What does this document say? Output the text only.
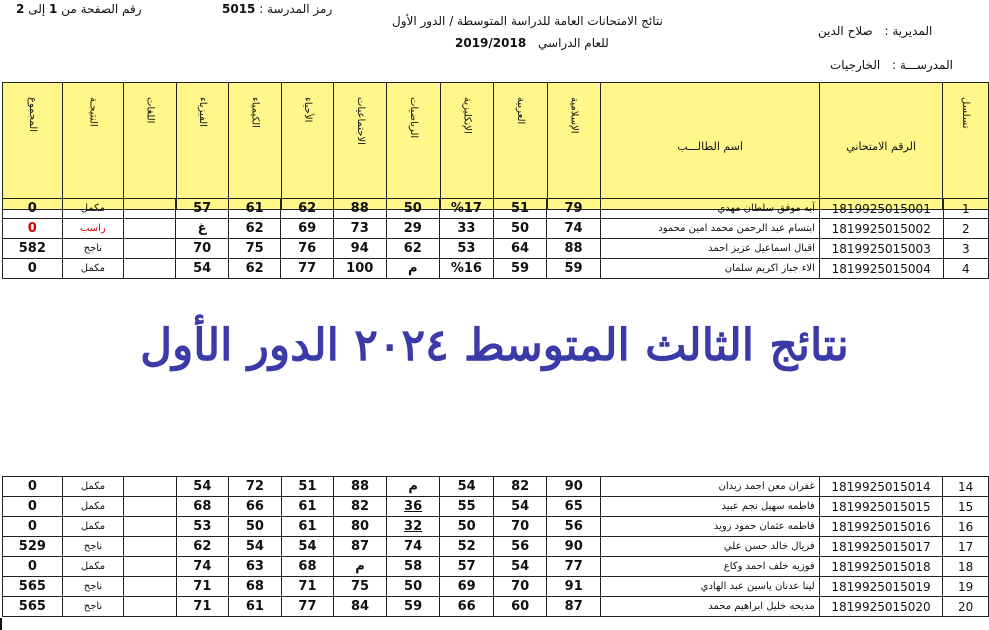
رقم الصفحة من 1 إلى 2	رمز المدرسة : 5015
نتائج الامتحانات العامة للدراسة المتوسطة / الدور الأول
للعام الدراسي 2019/2018
المديرية : صلاح الدين
المدرســـة : الخارجيات
تسلسل	الرقم الامتحاني	اسم الطالـــب	الإسلامية	العربية	الإنكليزية	الرياضيات	الاجتماعيات	الأحياء	الكيمياء	الفيزياء	اللغات	النتيجـة	المجموع
1	1819925015001	آيه موفق سلطان مهدي	79	51	%17	50	88	62	61	57		مكمل	0
2	1819925015002	ابتسام عبد الرحمن محمد امين محمود	74	50	33	29	73	69	62	غ		راسب	0
3	1819925015003	اقبال اسماعيل عزيز احمد	88	64	53	62	94	76	75	70		ناجح	582
4	1819925015004	الاء جبار اكريم سلمان	59	59	%16	م	100	77	62	54		مكمل	0
نتائج الثالث المتوسط ٢٠٢٤ الدور الأول
14	1819925015014	غفران معن احمد زيدان	90	82	54	م	88	51	72	54		مكمل	0
15	1819925015015	فاطمه سهيل نجم عبيد	65	54	55	36	82	61	66	68		مكمل	0
16	1819925015016	فاطمه عثمان حمود زويد	56	70	50	32	80	61	50	53		مكمل	0
17	1819925015017	فريال خالد حسن علي	90	56	52	74	87	54	54	62		ناجح	529
18	1819925015018	فوزيه خلف احمد وكاع	77	54	57	58	م	68	63	74		مكمل	0
19	1819925015019	لينا عدنان ياسين عبد الهادي	91	70	69	50	75	71	68	71		ناجح	565
20	1819925015020	مديحه خليل ابراهيم محمد	87	60	66	59	84	77	61	71		ناجح	565
